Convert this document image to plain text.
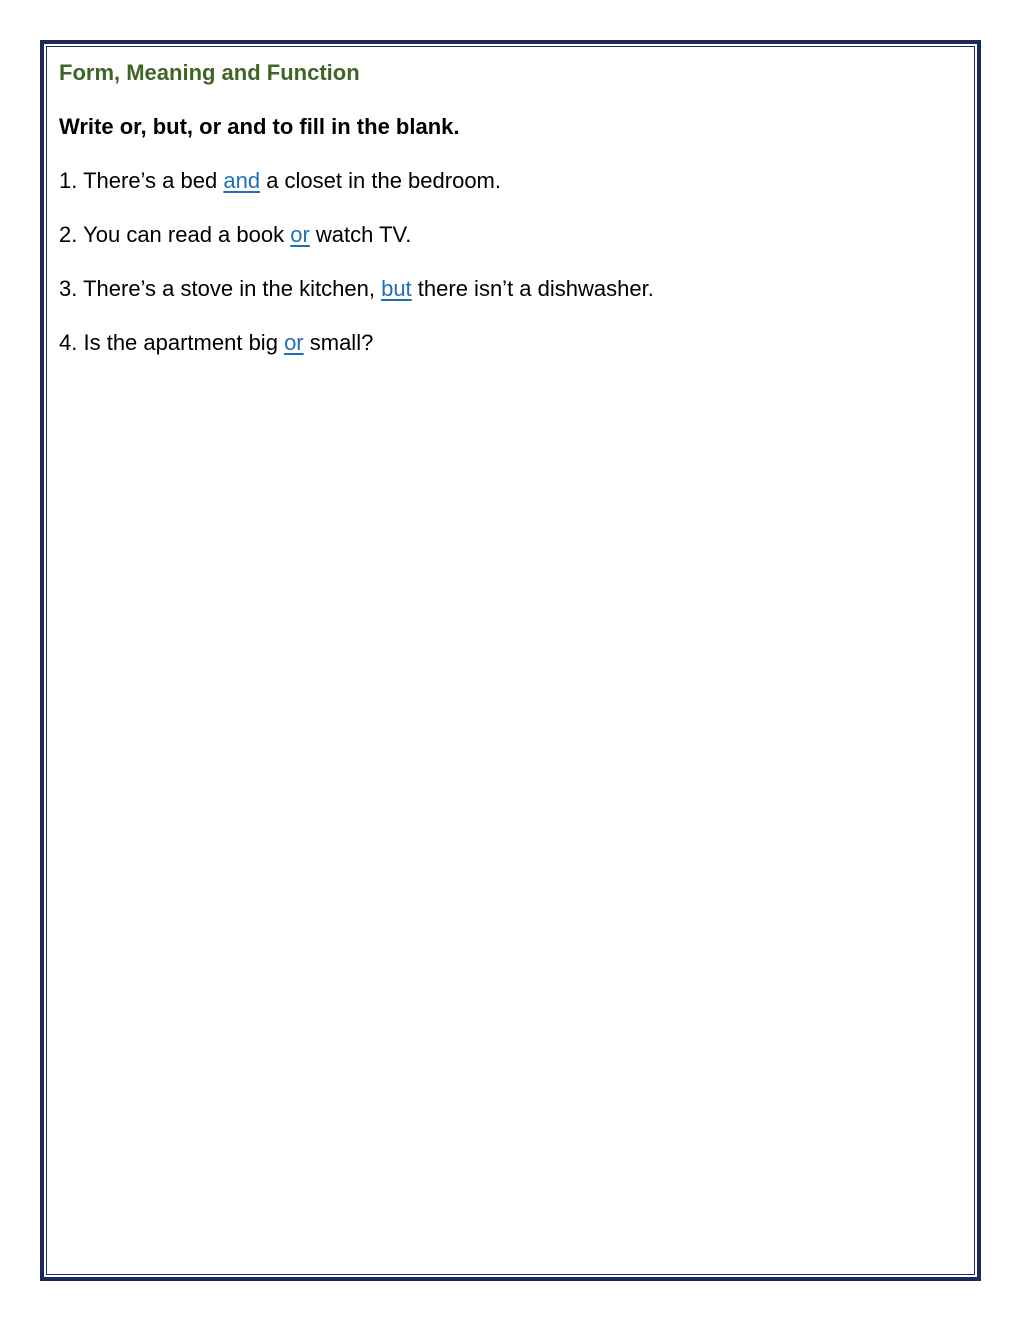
Form, Meaning and Function

Write or, but, or and to fill in the blank.

1. There’s a bed and a closet in the bedroom.

2. You can read a book or watch TV.

3. There’s a stove in the kitchen, but there isn’t a dishwasher.

4. Is the apartment big or small?
